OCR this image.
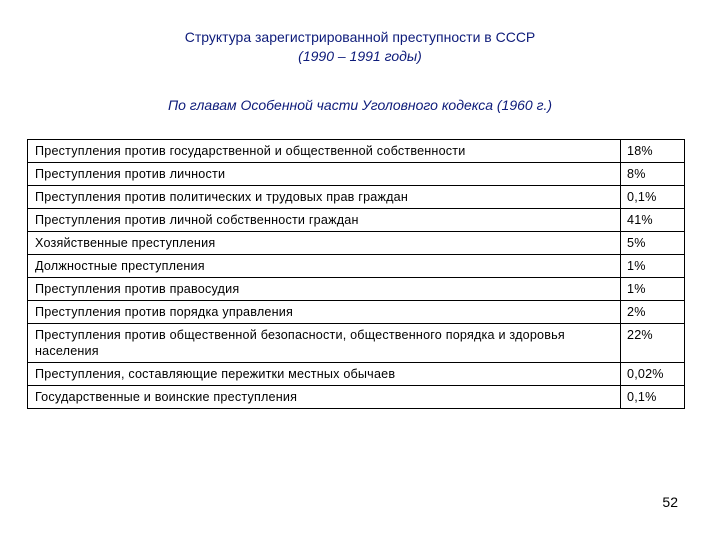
Структура зарегистрированной преступности в СССР
(1990 – 1991 годы)
По главам Особенной части Уголовного кодекса (1960 г.)
Преступления против государственной и общественной собственности	18%
Преступления против личности	8%
Преступления против политических и трудовых прав граждан	0,1%
Преступления против личной собственности граждан	41%
Хозяйственные преступления	5%
Должностные преступления	1%
Преступления против правосудия	1%
Преступления против порядка управления	2%
Преступления против общественной безопасности, общественного порядка и здоровья населения	22%
Преступления, составляющие пережитки местных обычаев	0,02%
Государственные и воинские преступления	0,1%
52
